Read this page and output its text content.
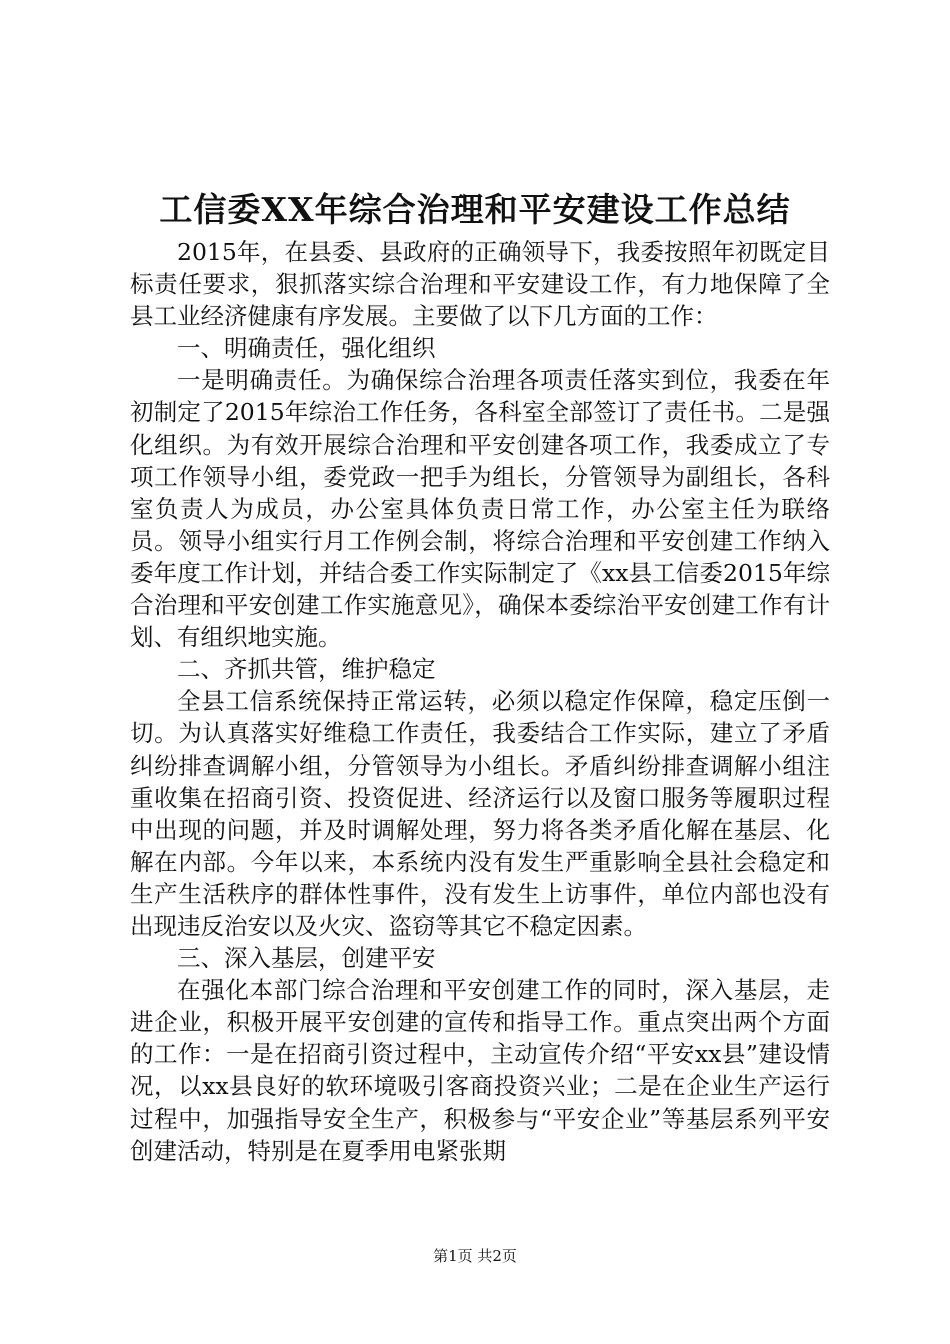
工信委XX年综合治理和平安建设工作总结

2015年，在县委、县政府的正确领导下，我委按照年初既定目标责任要求，狠抓落实综合治理和平安建设工作，有力地保障了全县工业经济健康有序发展。主要做了以下几方面的工作：

一、明确责任，强化组织

一是明确责任。为确保综合治理各项责任落实到位，我委在年初制定了2015年综治工作任务，各科室全部签订了责任书。二是强化组织。为有效开展综合治理和平安创建各项工作，我委成立了专项工作领导小组，委党政一把手为组长，分管领导为副组长，各科室负责人为成员，办公室具体负责日常工作，办公室主任为联络员。领导小组实行月工作例会制，将综合治理和平安创建工作纳入委年度工作计划，并结合委工作实际制定了《xx县工信委2015年综合治理和平安创建工作实施意见》，确保本委综治平安创建工作有计划、有组织地实施。

二、齐抓共管，维护稳定

全县工信系统保持正常运转，必须以稳定作保障，稳定压倒一切。为认真落实好维稳工作责任，我委结合工作实际，建立了矛盾纠纷排查调解小组，分管领导为小组长。矛盾纠纷排查调解小组注重收集在招商引资、投资促进、经济运行以及窗口服务等履职过程中出现的问题，并及时调解处理，努力将各类矛盾化解在基层、化解在内部。今年以来，本系统内没有发生严重影响全县社会稳定和生产生活秩序的群体性事件，没有发生上访事件，单位内部也没有出现违反治安以及火灾、盗窃等其它不稳定因素。

三、深入基层，创建平安

在强化本部门综合治理和平安创建工作的同时，深入基层，走进企业，积极开展平安创建的宣传和指导工作。重点突出两个方面的工作：一是在招商引资过程中，主动宣传介绍“平安xx县”建设情况，以xx县良好的软环境吸引客商投资兴业；二是在企业生产运行过程中，加强指导安全生产，积极参与“平安企业”等基层系列平安创建活动，特别是在夏季用电紧张期

第1页 共2页
